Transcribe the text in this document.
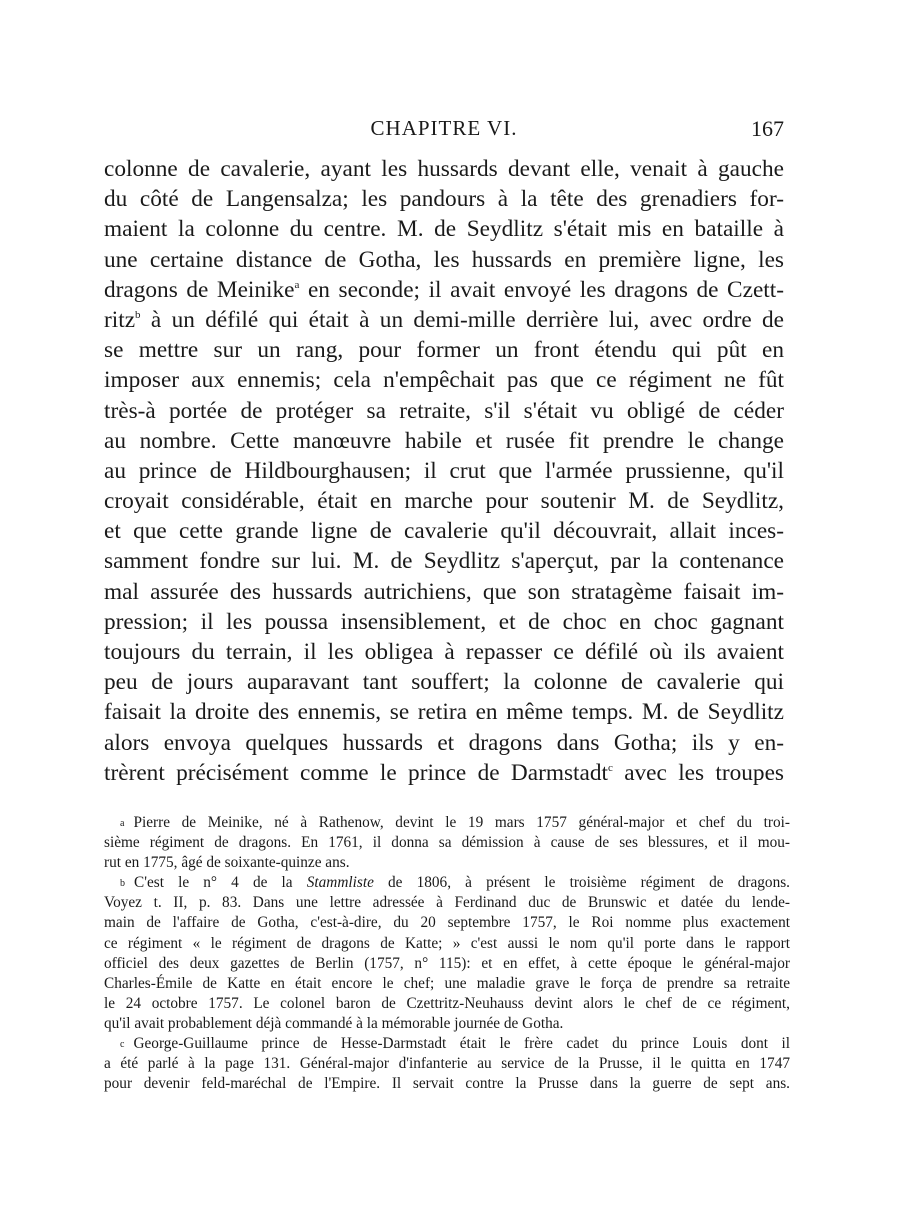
CHAPITRE VI.	167
colonne de cavalerie, ayant les hussards devant elle, venait à gauche
du côté de Langensalza; les pandours à la tête des grenadiers for-
maient la colonne du centre. M. de Seydlitz s'était mis en bataille à
une certaine distance de Gotha, les hussards en première ligne, les
dragons de Meinike$^a$ en seconde; il avait envoyé les dragons de Czett-
ritz$^b$ à un défilé qui était à un demi-mille derrière lui, avec ordre de
se mettre sur un rang, pour former un front étendu qui pût en
imposer aux ennemis; cela n'empêchait pas que ce régiment ne fût
très-à portée de protéger sa retraite, s'il s'était vu obligé de céder
au nombre. Cette manœuvre habile et rusée fit prendre le change
au prince de Hildbourghausen; il crut que l'armée prussienne, qu'il
croyait considérable, était en marche pour soutenir M. de Seydlitz,
et que cette grande ligne de cavalerie qu'il découvrait, allait inces-
samment fondre sur lui. M. de Seydlitz s'aperçut, par la contenance
mal assurée des hussards autrichiens, que son stratagème faisait im-
pression; il les poussa insensiblement, et de choc en choc gagnant
toujours du terrain, il les obligea à repasser ce défilé où ils avaient
peu de jours auparavant tant souffert; la colonne de cavalerie qui
faisait la droite des ennemis, se retira en même temps. M. de Seydlitz
alors envoya quelques hussards et dragons dans Gotha; ils y en-
trèrent précisément comme le prince de Darmstadt$^c$ avec les troupes
a Pierre de Meinike, né à Rathenow, devint le 19 mars 1757 général-major et chef du troi-
sième régiment de dragons. En 1761, il donna sa démission à cause de ses blessures, et il mou-
rut en 1775, âgé de soixante-quinze ans.
b C'est le n° 4 de la Stammliste de 1806, à présent le troisième régiment de dragons.
Voyez t. II, p. 83. Dans une lettre adressée à Ferdinand duc de Brunswic et datée du lende-
main de l'affaire de Gotha, c'est-à-dire, du 20 septembre 1757, le Roi nomme plus exactement
ce régiment « le régiment de dragons de Katte; » c'est aussi le nom qu'il porte dans le rapport
officiel des deux gazettes de Berlin (1757, n° 115): et en effet, à cette époque le général-major
Charles-Émile de Katte en était encore le chef; une maladie grave le força de prendre sa retraite
le 24 octobre 1757. Le colonel baron de Czettritz-Neuhauss devint alors le chef de ce régiment,
qu'il avait probablement déjà commandé à la mémorable journée de Gotha.
c George-Guillaume prince de Hesse-Darmstadt était le frère cadet du prince Louis dont il
a été parlé à la page 131. Général-major d'infanterie au service de la Prusse, il le quitta en 1747
pour devenir feld-maréchal de l'Empire. Il servait contre la Prusse dans la guerre de sept ans.
